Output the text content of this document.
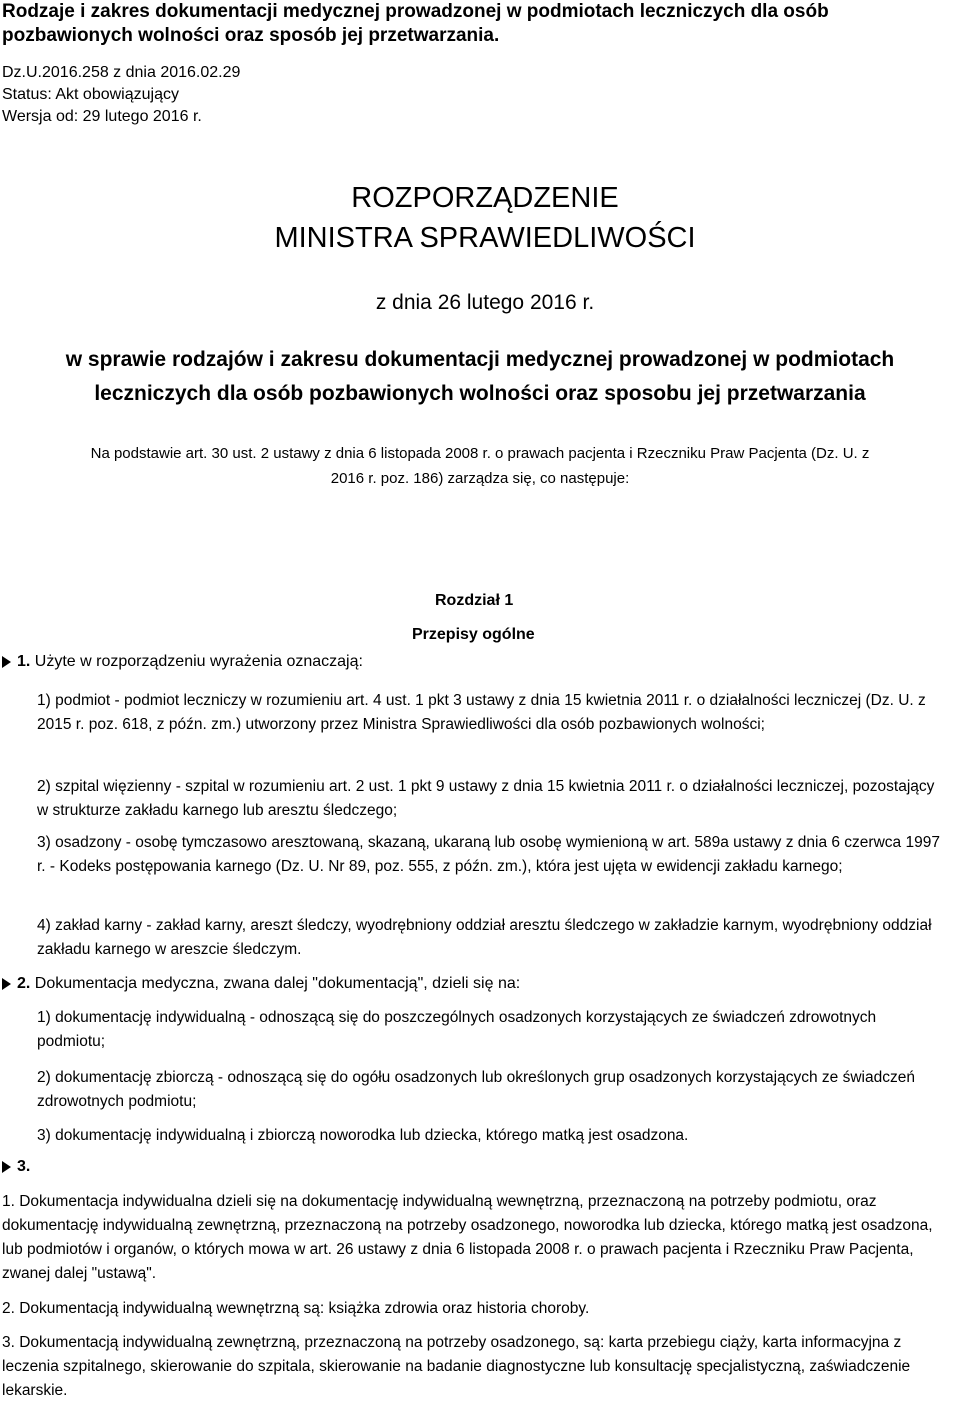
Rodzaje i zakres dokumentacji medycznej prowadzonej w podmiotach leczniczych dla osób pozbawionych wolności oraz sposób jej przetwarzania.
Dz.U.2016.258 z dnia 2016.02.29
Status: Akt obowiązujący
Wersja od: 29 lutego 2016 r.
ROZPORZĄDZENIE
MINISTRA SPRAWIEDLIWOŚCI
z dnia 26 lutego 2016 r.
w sprawie rodzajów i zakresu dokumentacji medycznej prowadzonej w podmiotach
leczniczych dla osób pozbawionych wolności oraz sposobu jej przetwarzania
Na podstawie art. 30 ust. 2 ustawy z dnia 6 listopada 2008 r. o prawach pacjenta i Rzeczniku Praw Pacjenta (Dz. U. z
2016 r. poz. 186) zarządza się, co następuje:
Rozdział 1
Przepisy ogólne
1. Użyte w rozporządzeniu wyrażenia oznaczają:
1) podmiot - podmiot leczniczy w rozumieniu art. 4 ust. 1 pkt 3 ustawy z dnia 15 kwietnia 2011 r. o działalności leczniczej (Dz. U. z 2015 r. poz. 618, z późn. zm.) utworzony przez Ministra Sprawiedliwości dla osób pozbawionych wolności;
2) szpital więzienny - szpital w rozumieniu art. 2 ust. 1 pkt 9 ustawy z dnia 15 kwietnia 2011 r. o działalności leczniczej, pozostający w strukturze zakładu karnego lub aresztu śledczego;
3) osadzony - osobę tymczasowo aresztowaną, skazaną, ukaraną lub osobę wymienioną w art. 589a ustawy z dnia 6 czerwca 1997 r. - Kodeks postępowania karnego (Dz. U. Nr 89, poz. 555, z późn. zm.), która jest ujęta w ewidencji zakładu karnego;
4) zakład karny - zakład karny, areszt śledczy, wyodrębniony oddział aresztu śledczego w zakładzie karnym, wyodrębniony oddział zakładu karnego w areszcie śledczym.
2. Dokumentacja medyczna, zwana dalej "dokumentacją", dzieli się na:
1) dokumentację indywidualną - odnoszącą się do poszczególnych osadzonych korzystających ze świadczeń zdrowotnych podmiotu;
2) dokumentację zbiorczą - odnoszącą się do ogółu osadzonych lub określonych grup osadzonych korzystających ze świadczeń zdrowotnych podmiotu;
3) dokumentację indywidualną i zbiorczą noworodka lub dziecka, którego matką jest osadzona.
3.
1. Dokumentacja indywidualna dzieli się na dokumentację indywidualną wewnętrzną, przeznaczoną na potrzeby podmiotu, oraz dokumentację indywidualną zewnętrzną, przeznaczoną na potrzeby osadzonego, noworodka lub dziecka, którego matką jest osadzona, lub podmiotów i organów, o których mowa w art. 26 ustawy z dnia 6 listopada 2008 r. o prawach pacjenta i Rzeczniku Praw Pacjenta, zwanej dalej "ustawą".
2. Dokumentacją indywidualną wewnętrzną są: książka zdrowia oraz historia choroby.
3. Dokumentacją indywidualną zewnętrzną, przeznaczoną na potrzeby osadzonego, są: karta przebiegu ciąży, karta informacyjna z leczenia szpitalnego, skierowanie do szpitala, skierowanie na badanie diagnostyczne lub konsultację specjalistyczną, zaświadczenie lekarskie.
